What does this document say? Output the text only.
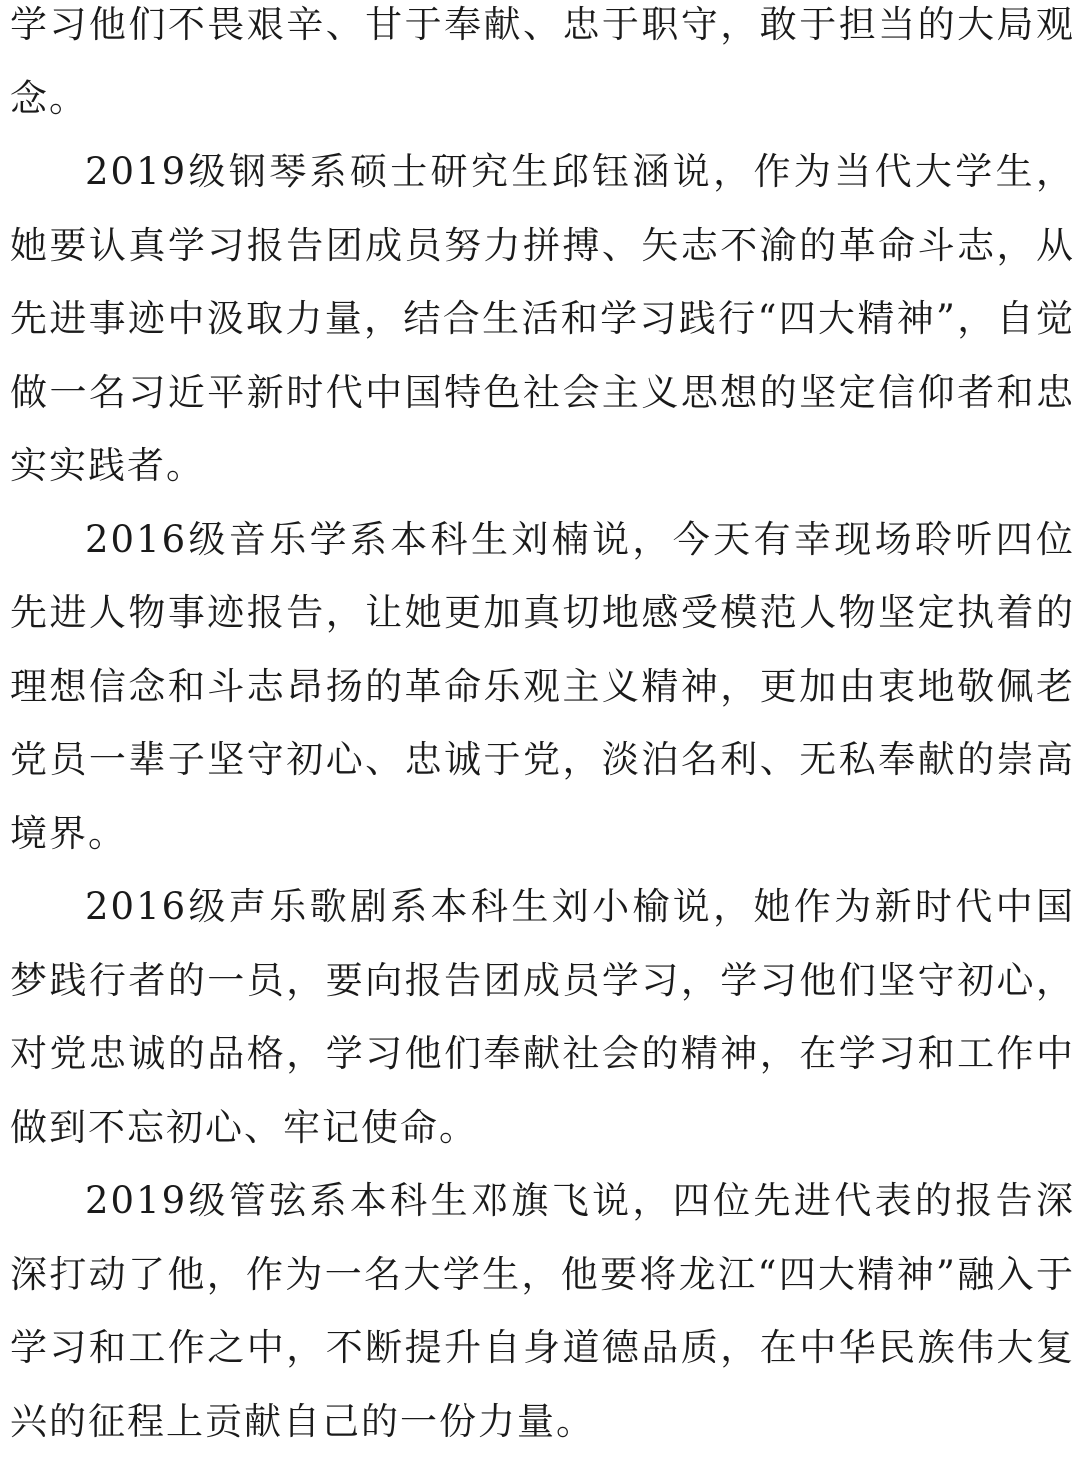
学习他们不畏艰辛、甘于奉献、忠于职守，敢于担当的大局观念。

2019级钢琴系硕士研究生邱钰涵说，作为当代大学生，她要认真学习报告团成员努力拼搏、矢志不渝的革命斗志，从先进事迹中汲取力量，结合生活和学习践行“四大精神”，自觉做一名习近平新时代中国特色社会主义思想的坚定信仰者和忠实实践者。

2016级音乐学系本科生刘楠说，今天有幸现场聆听四位先进人物事迹报告，让她更加真切地感受模范人物坚定执着的理想信念和斗志昂扬的革命乐观主义精神，更加由衷地敬佩老党员一辈子坚守初心、忠诚于党，淡泊名利、无私奉献的崇高境界。

2016级声乐歌剧系本科生刘小榆说，她作为新时代中国梦践行者的一员，要向报告团成员学习，学习他们坚守初心，对党忠诚的品格，学习他们奉献社会的精神，在学习和工作中做到不忘初心、牢记使命。

2019级管弦系本科生邓旗飞说，四位先进代表的报告深深打动了他，作为一名大学生，他要将龙江“四大精神”融入于学习和工作之中，不断提升自身道德品质，在中华民族伟大复兴的征程上贡献自己的一份力量。
